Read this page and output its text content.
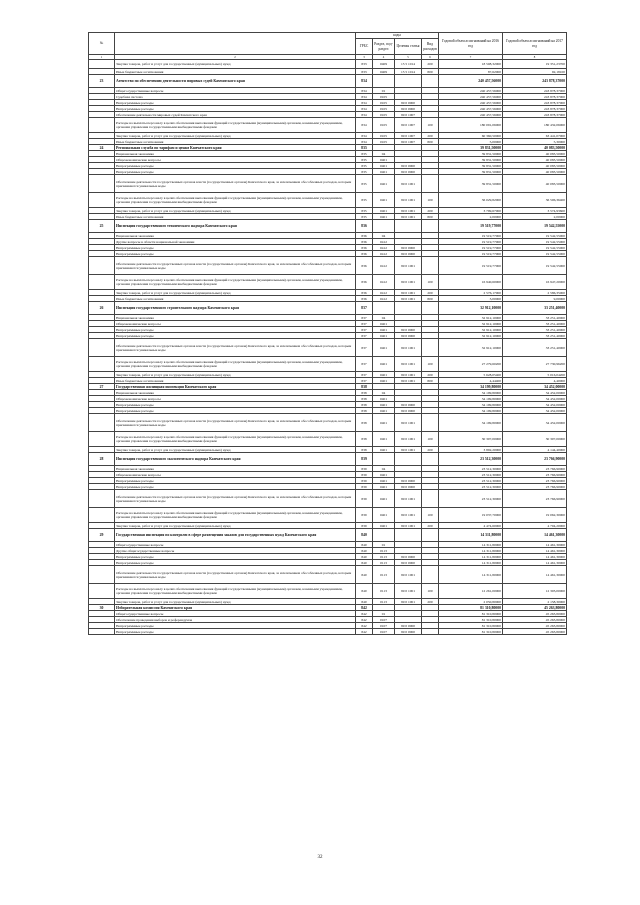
№		коды				Годовой объем ассигнований на 2016 год	Годовой объем ассигнований на 2017 год
		ГРБС	Раздел, под-раздел	Целевая статья	Вид расходов		
1	2	3	4	5	6	7	8
	Закупка товаров, работ и услуг для государственных (муниципальных) нужд	833	0409	15 5 1014	200	18 508,32000	19 351,23700
	Иные бюджетные ассигнования	833	0409	15 5 1014	800	87,62000	92,18100
23	Агентство по обеспечению деятельности мировых судей Камчатского края	834				240 457,56000	243 878,37000
	Общегосударственные вопросы	834	01			240 457,56000	243 878,37000
	Судебная система	834	0105			240 457,56000	243 878,37000
	Непрограммные расходы	834	0105	99 0 0000		240 457,56000	243 878,37000
	Непрограммные расходы	834	0105	99 0 0000		240 457,56000	243 878,37000
	Обеспечение деятельности мировых судей Камчатского края	834	0105	99 0 1007		240 457,56000	243 878,37000
	Расходы на выплаты персоналу в целях обеспечения выполнения функций государственными (муниципальными) органами, казенными учреждениями, органами управления государственными внебюджетными фондами	834	0105	99 0 1007	100	180 091,06000	180 432,06000
	Закупка товаров, работ и услуг для государственных (муниципальных) нужд	834	0105	99 0 1007	200	60 360,50000	63 441,07000
	Иные бюджетные ассигнования	834	0105	99 0 1007	800	5,00000	5,30000
24	Региональная служба по тарифам и ценам Камчатского края	835				39 831,50000	40 083,50000
	Национальная экономика	835	04			39 831,50000	40 083,50000
	Общеэкономические вопросы	835	0401			39 831,50000	40 083,50000
	Непрограммные расходы	835	0401	99 0 0000		39 831,50000	40 083,50000
	Непрограммные расходы	835	0401	99 0 0000		39 831,50000	40 083,50000
	Обеспечение деятельности государственных органов власти (государственных органов) Камчатского края, за исключением обособленных расходов, которым присваиваются уникальные коды	835	0401	99 0 1001		39 831,50000	40 083,50000
	Расходы на выплаты персоналу в целях обеспечения выполнения функций государственными (муниципальными) органами, казенными учреждениями, органами управления государственными внебюджетными фондами	835	0401	99 0 1001	100	36 029,82000	36 506,36400
	Закупка товаров, работ и услуг для государственных (муниципальных) нужд	835	0401	99 0 1001	200	3 799,67000	3 574,93600
	Иные бюджетные ассигнования	835	0401	99 0 1001	800	2,00000	2,00000
25	Инспекция государственного технического надзора Камчатского края	836				19 519,77000	19 542,55000
	Национальная экономика	836	04			19 519,77000	19 542,55000
	Другие вопросы в области национальной экономики	836	0412			19 519,77000	19 542,55000
	Непрограммные расходы	836	0412	99 0 0000		19 519,77000	19 542,55000
	Непрограммные расходы	836	0412	99 0 0000		19 519,77000	19 542,55000
	Обеспечение деятельности государственных органов власти (государственных органов) Камчатского края, за исключением обособленных расходов, которым присваиваются уникальные коды	836	0412	99 0 1001		19 519,77000	19 542,55000
	Расходы на выплаты персоналу в целях обеспечения выполнения функций государственными (муниципальными) органами, казенными учреждениями, органами управления государственными внебюджетными фондами	836	0412	99 0 1001	100	16 940,60000	16 947,20000
	Закупка товаров, работ и услуг для государственных (муниципальных) нужд	836	0412	99 0 1001	200	2 576,17000	2 586,35000
	Иные бюджетные ассигнования	836	0412	99 0 1001	800	3,00000	9,00000
26	Инспекция государственного строительного надзора Камчатского края	837				32 912,10000	33 251,40000
	Национальная экономика	837	04			32 912,10000	33 251,40000
	Общеэкономические вопросы	837	0401			32 912,10000	33 251,40000
	Непрограммные расходы	837	0401	99 0 0000		32 912,10000	33 251,40000
	Непрограммные расходы	837	0401	99 0 0000		32 912,10000	33 251,40000
	Обеспечение деятельности государственных органов власти (государственных органов) Камчатского края, за исключением обособленных расходов, которым присваиваются уникальные коды	837	0401	99 0 1001		32 912,10000	33 251,40000
	Расходы на выплаты персоналу в целях обеспечения выполнения функций государственными (муниципальными) органами, казенными учреждениями, органами управления государственными внебюджетными фондами	837	0401	99 0 1001	100	27 279,60200	27 730,96200
	Закупка товаров, работ и услуг для государственных (муниципальных) нужд	837	0401	99 0 1001	200	5 628,05400	5 016,04200
	Иные бюджетные ассигнования	837	0401	99 0 1001	800	4,44400	4,40000
27	Государственная жилищная инспекция Камчатского края	838				34 199,80000	34 452,00000
	Национальная экономика	838	04			34 199,80000	34 452,00000
	Общеэкономические вопросы	838	0401			34 199,80000	34 452,00000
	Непрограммные расходы	838	0401	99 0 0000		34 199,80000	34 452,00000
	Непрограммные расходы	838	0401	99 0 0000		34 199,80000	34 452,00000
	Обеспечение деятельности государственных органов власти (государственных органов) Камчатского края, за исключением обособленных расходов, которым присваиваются уникальные коды	838	0401	99 0 1001		34 199,80000	34 452,00000
	Расходы на выплаты персоналу в целях обеспечения выполнения функций государственными (муниципальными) органами, казенными учреждениями, органами управления государственными внебюджетными фондами	838	0401	99 0 1001	100	30 307,00000	30 307,00000
	Закупка товаров, работ и услуг для государственных (муниципальных) нужд	838	0401	99 0 1001	200	3 892,20000	4 144,40000
28	Инспекция государственного экологического надзора Камчатского края	839				23 512,30000	23 766,90000
	Национальная экономика	839	04			23 512,30000	23 766,90000
	Общеэкономические вопросы	839	0401			23 512,30000	23 766,90000
	Непрограммные расходы	839	0401	99 0 0000		23 512,30000	23 766,90000
	Непрограммные расходы	839	0401	99 0 0000		23 512,30000	23 766,90000
	Обеспечение деятельности государственных органов власти (государственных органов) Камчатского края, за исключением обособленных расходов, которым присваиваются уникальные коды	839	0401	99 0 1001		23 512,30000	23 766,90000
	Расходы на выплаты персоналу в целях обеспечения выполнения функций государственными (муниципальными) органами, казенными учреждениями, органами управления государственными внебюджетными фондами	839	0401	99 0 1001	100	19 037,70000	19 062,30000
	Закупка товаров, работ и услуг для государственных (муниципальных) нужд	839	0401	99 0 1001	200	4 474,60000	4 704,20000
29	Государственная инспекция по контролю в сфере размещения заказов для государственных нужд Камчатского края	840				14 311,80000	14 461,30000
	Общегосударственные вопросы	840	01			14 311,80000	14 461,30000
	Другие общегосударственные вопросы	840	0113			14 311,80000	14 461,30000
	Непрограммные расходы	840	0113	99 0 0000		14 311,80000	14 461,30000
	Непрограммные расходы	840	0113	99 0 0000		14 311,80000	14 461,30000
	Обеспечение деятельности государственных органов власти (государственных органов) Камчатского края, за исключением обособленных расходов, которым присваиваются уникальные коды	840	0113	99 0 1001		14 311,80000	14 461,30000
	Расходы на выплаты персоналу в целях обеспечения выполнения функций государственными (муниципальными) органами, казенными учреждениями, органами управления государственными внебюджетными фондами	840	0113	99 0 1001	100	12 261,00000	12 303,00000
	Закупка товаров, работ и услуг для государственных (муниципальных) нужд	840	0113	99 0 1001	200	2 050,80000	2 158,30000
30	Избирательная комиссия Камчатского края	842				81 310,80000	45 263,80000
	Общегосударственные вопросы	842	01			81 310,80000	45 263,80000
	Обеспечение проведения выборов и референдумов	842	0107			81 310,80000	45 263,80000
	Непрограммные расходы	842	0107	99 0 0000		81 310,80000	45 263,80000
	Непрограммные расходы	842	0107	99 0 0000		81 310,80000	45 263,80000
32
